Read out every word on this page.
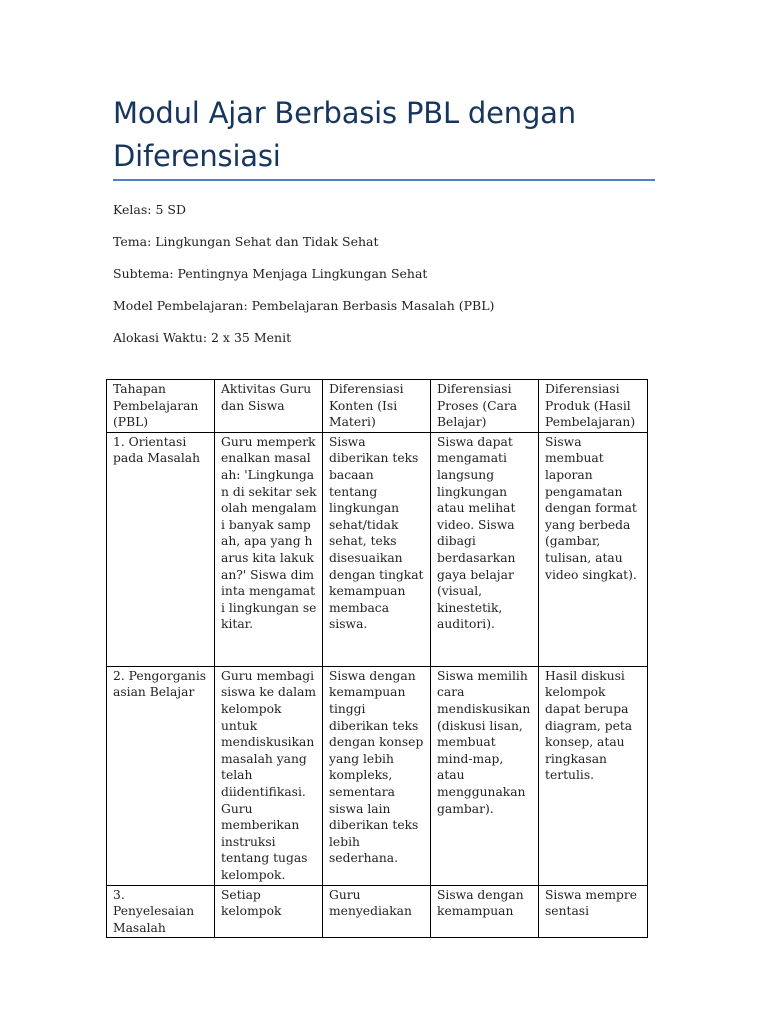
Modul Ajar Berbasis PBL dengan Diferensiasi
Kelas: 5 SD
Tema: Lingkungan Sehat dan Tidak Sehat
Subtema: Pentingnya Menjaga Lingkungan Sehat
Model Pembelajaran: Pembelajaran Berbasis Masalah (PBL)
Alokasi Waktu: 2 x 35 Menit
Tahapan Pembelajaran (PBL)	Aktivitas Guru dan Siswa	Diferensiasi Konten (Isi Materi)	Diferensiasi Proses (Cara Belajar)	Diferensiasi Produk (Hasil Pembelajaran)
1. Orientasi pada Masalah	Guru memperkenalkan masalah: 'Lingkungan di sekitar sekolah mengalami banyak sampah, apa yang harus kita lakukan?' Siswa diminta mengamati lingkungan sekitar.	Siswa diberikan teks bacaan tentang lingkungan sehat/tidak sehat, teks disesuaikan dengan tingkat kemampuan membaca siswa.	Siswa dapat mengamati langsung lingkungan atau melihat video. Siswa dibagi berdasarkan gaya belajar (visual, kinestetik, auditori).	Siswa membuat laporan pengamatan dengan format yang berbeda (gambar, tulisan, atau video singkat).
2. Pengorganisasian Belajar	Guru membagi siswa ke dalam kelompok untuk mendiskusikan masalah yang telah diidentifikasi. Guru memberikan instruksi tentang tugas kelompok.	Siswa dengan kemampuan tinggi diberikan teks dengan konsep yang lebih kompleks, sementara siswa lain diberikan teks lebih sederhana.	Siswa memilih cara mendiskusikan (diskusi lisan, membuat mind-map, atau menggunakan gambar).	Hasil diskusi kelompok dapat berupa diagram, peta konsep, atau ringkasan tertulis.
3. Penyelesaian Masalah	Setiap kelompok	Guru menyediakan	Siswa dengan kemampuan	Siswa mempresentasi
